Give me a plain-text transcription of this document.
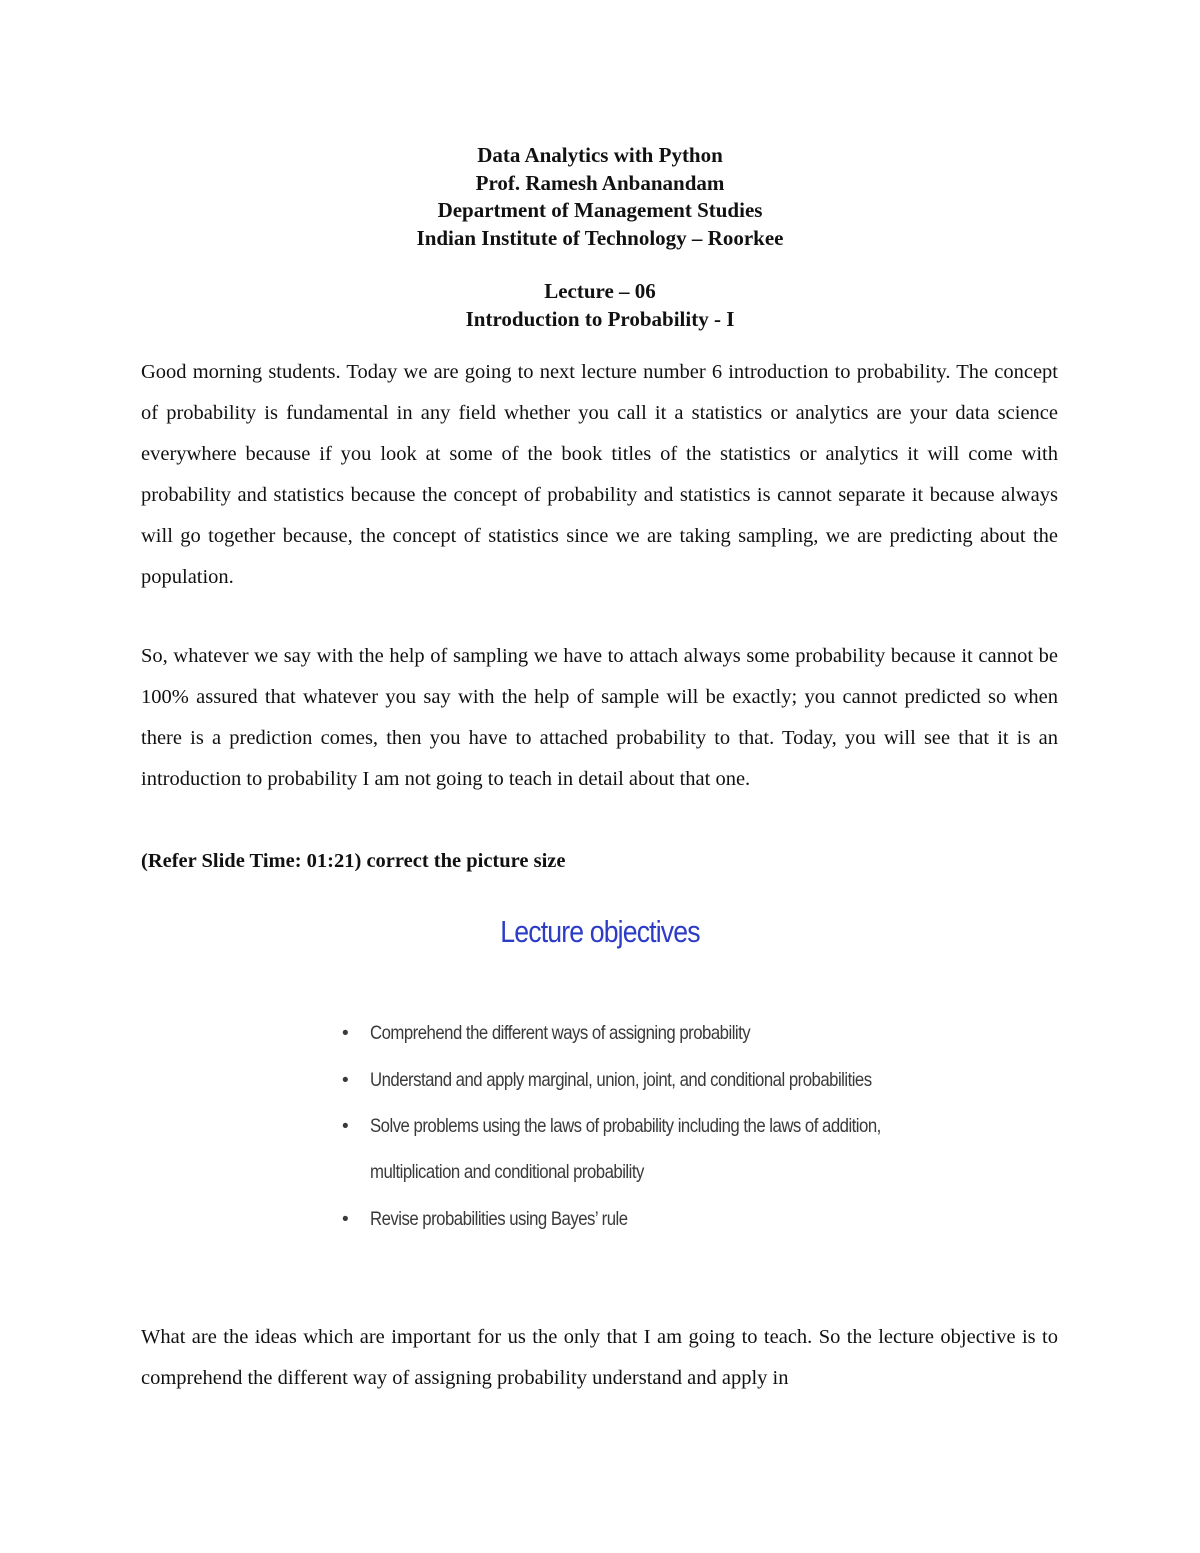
Data Analytics with Python
Prof. Ramesh Anbanandam
Department of Management Studies
Indian Institute of Technology – Roorkee
Lecture – 06
Introduction to Probability - I

Good morning students. Today we are going to next lecture number 6 introduction to probability. The concept of probability is fundamental in any field whether you call it a statistics or analytics are your data science everywhere because if you look at some of the book titles of the statistics or analytics it will come with probability and statistics because the concept of probability and statistics is cannot separate it because always will go together because, the concept of statistics since we are taking sampling, we are predicting about the population.

So, whatever we say with the help of sampling we have to attach always some probability because it cannot be 100% assured that whatever you say with the help of sample will be exactly; you cannot predicted so when there is a prediction comes, then you have to attached probability to that. Today, you will see that it is an introduction to probability I am not going to teach in detail about that one.

(Refer Slide Time: 01:21) correct the picture size
Lecture objectives
• Comprehend the different ways of assigning probability
• Understand and apply marginal, union, joint, and conditional probabilities
• Solve problems using the laws of probability including the laws of addition,
multiplication and conditional probability
• Revise probabilities using Bayes’ rule

What are the ideas which are important for us the only that I am going to teach. So the lecture objective is to comprehend the different way of assigning probability understand and apply in
